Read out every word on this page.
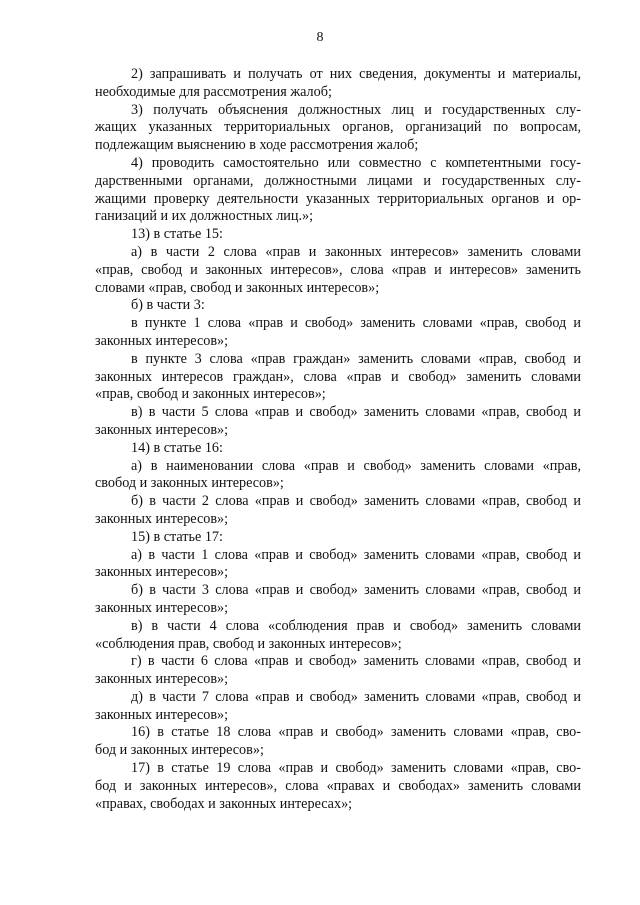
8
2) запрашивать и получать от них сведения, документы и материалы,
необходимые для рассмотрения жалоб;
3) получать объяснения должностных лиц и государственных слу-
жащих указанных территориальных органов, организаций по вопросам,
подлежащим выяснению в ходе рассмотрения жалоб;
4) проводить самостоятельно или совместно с компетентными госу-
дарственными органами, должностными лицами и государственных слу-
жащими проверку деятельности указанных территориальных органов и ор-
ганизаций и их должностных лиц.»;
13) в статье 15:
а) в части 2 слова «прав и законных интересов» заменить словами
«прав, свобод и законных интересов», слова «прав и интересов» заменить
словами «прав, свобод и законных интересов»;
б) в части 3:
в пункте 1 слова «прав и свобод» заменить словами «прав, свобод и
законных интересов»;
в пункте 3 слова «прав граждан» заменить словами «прав, свобод и
законных интересов граждан», слова «прав и свобод» заменить словами
«прав, свобод и законных интересов»;
в) в части 5 слова «прав и свобод» заменить словами «прав, свобод и
законных интересов»;
14) в статье 16:
а) в наименовании слова «прав и свобод» заменить словами «прав,
свобод и законных интересов»;
б) в части 2 слова «прав и свобод» заменить словами «прав, свобод и
законных интересов»;
15) в статье 17:
а) в части 1 слова «прав и свобод» заменить словами «прав, свобод и
законных интересов»;
б) в части 3 слова «прав и свобод» заменить словами «прав, свобод и
законных интересов»;
в) в части 4 слова «соблюдения прав и свобод» заменить словами
«соблюдения прав, свобод и законных интересов»;
г) в части 6 слова «прав и свобод» заменить словами «прав, свобод и
законных интересов»;
д) в части 7 слова «прав и свобод» заменить словами «прав, свобод и
законных интересов»;
16) в статье 18 слова «прав и свобод» заменить словами «прав, сво-
бод и законных интересов»;
17) в статье 19 слова «прав и свобод» заменить словами «прав, сво-
бод и законных интересов», слова «правах и свободах» заменить словами
«правах, свободах и законных интересах»;
